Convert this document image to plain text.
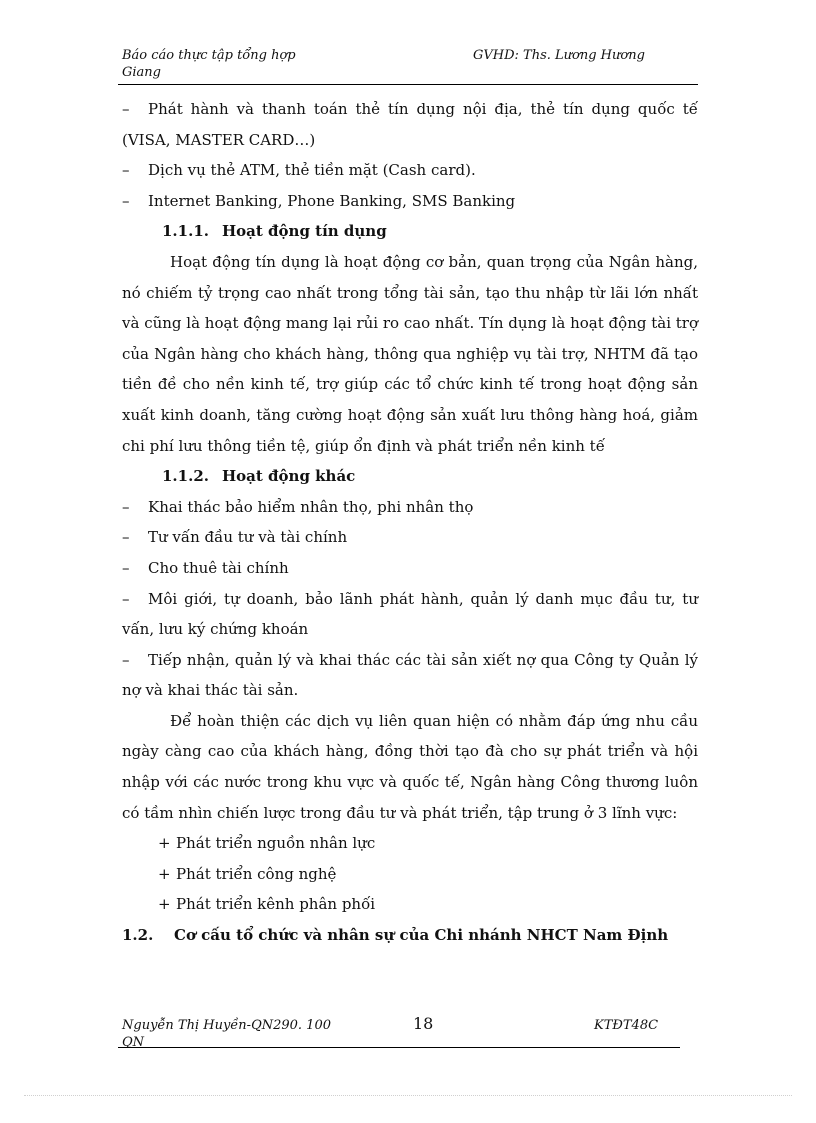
Báo cáo thực tập tổng hợp Giang
GVHD: Ths. Lương Hương

– Phát hành và thanh toán thẻ tín dụng nội địa, thẻ tín dụng quốc tế (VISA, MASTER CARD…)

– Dịch vụ thẻ ATM, thẻ tiền mặt (Cash card).

– Internet Banking, Phone Banking, SMS Banking

1.1.1. Hoạt động tín dụng

Hoạt động tín dụng là hoạt động cơ bản, quan trọng của Ngân hàng, nó chiếm tỷ trọng cao nhất trong tổng tài sản, tạo thu nhập từ lãi lớn nhất và cũng là hoạt động mang lại rủi ro cao nhất. Tín dụng là hoạt động tài trợ của Ngân hàng cho khách hàng, thông qua nghiệp vụ tài trợ, NHTM đã tạo tiền đề cho nền kinh tế, trợ giúp các tổ chức kinh tế trong hoạt động sản xuất kinh doanh, tăng cường hoạt động sản xuất lưu thông hàng hoá, giảm chi phí lưu thông tiền tệ, giúp ổn định và phát triển nền kinh tế

1.1.2. Hoạt động khác

– Khai thác bảo hiểm nhân thọ, phi nhân thọ

– Tư vấn đầu tư và tài chính

– Cho thuê tài chính

– Môi giới, tự doanh, bảo lãnh phát hành, quản lý danh mục đầu tư, tư vấn, lưu ký chứng khoán

– Tiếp nhận, quản lý và khai thác các tài sản xiết nợ qua Công ty Quản lý nợ và khai thác tài sản.

Để hoàn thiện các dịch vụ liên quan hiện có nhằm đáp ứng nhu cầu ngày càng cao của khách hàng, đồng thời tạo đà cho sự phát triển và hội nhập với các nước trong khu vực và quốc tế, Ngân hàng Công thương luôn có tầm nhìn chiến lược trong đầu tư và phát triển, tập trung ở 3 lĩnh vực:

+ Phát triển nguồn nhân lực

+ Phát triển công nghệ

+ Phát triển kênh phân phối

1.2. Cơ cấu tổ chức và nhân sự của Chi nhánh NHCT Nam Định

Nguyễn Thị Huyền-QN290. 100 QN
18	KTĐT48C
